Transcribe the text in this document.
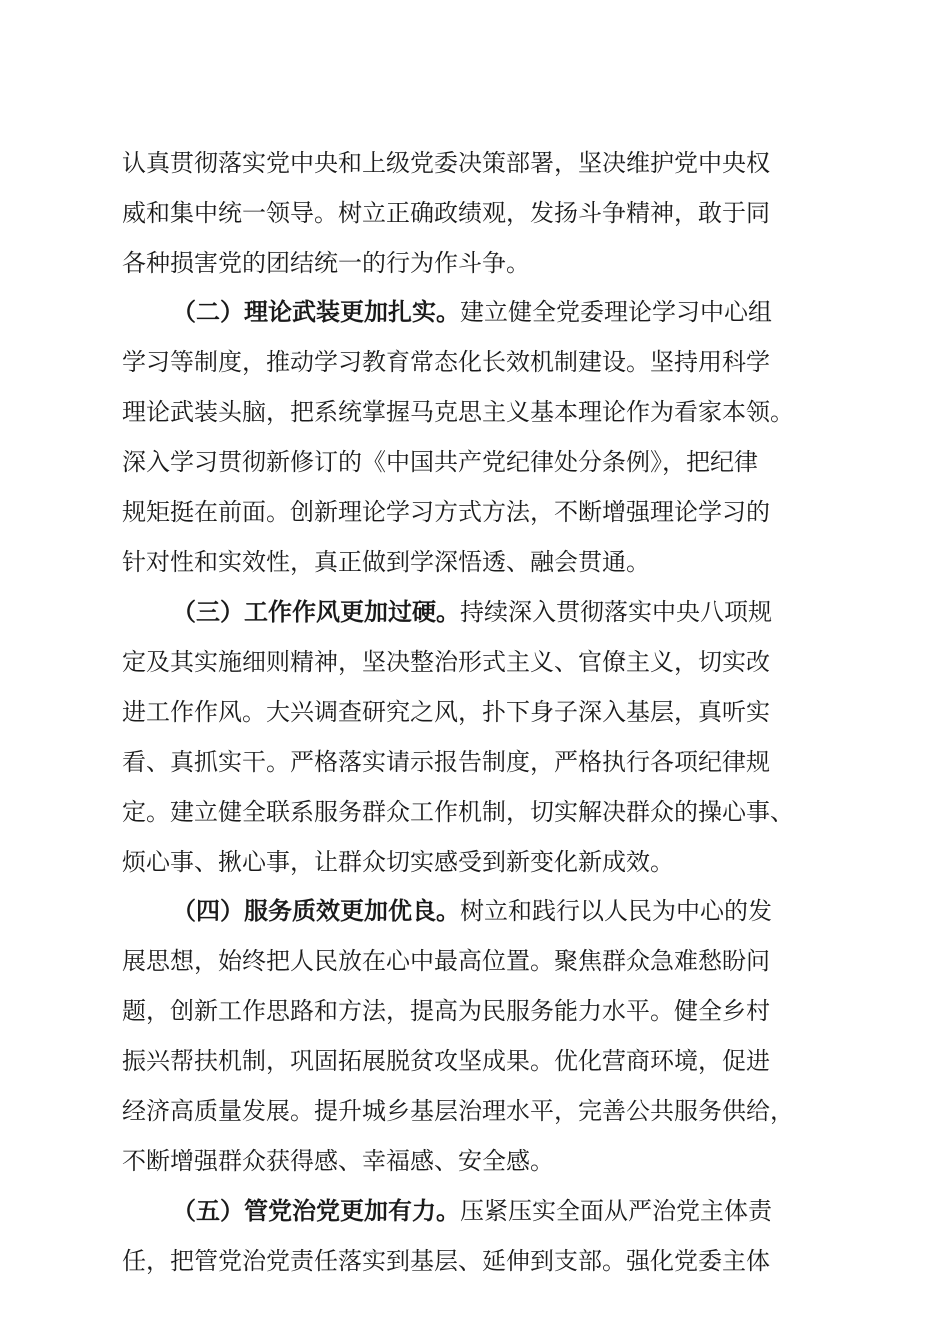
认真贯彻落实党中央和上级党委决策部署，坚决维护党中央权
威和集中统一领导。树立正确政绩观，发扬斗争精神，敢于同
各种损害党的团结统一的行为作斗争。
（二）理论武装更加扎实。建立健全党委理论学习中心组
学习等制度，推动学习教育常态化长效机制建设。坚持用科学
理论武装头脑，把系统掌握马克思主义基本理论作为看家本领。
深入学习贯彻新修订的《中国共产党纪律处分条例》，把纪律
规矩挺在前面。创新理论学习方式方法，不断增强理论学习的
针对性和实效性，真正做到学深悟透、融会贯通。
（三）工作作风更加过硬。持续深入贯彻落实中央八项规
定及其实施细则精神，坚决整治形式主义、官僚主义，切实改
进工作作风。大兴调查研究之风，扑下身子深入基层，真听实
看、真抓实干。严格落实请示报告制度，严格执行各项纪律规
定。建立健全联系服务群众工作机制，切实解决群众的操心事、
烦心事、揪心事，让群众切实感受到新变化新成效。
（四）服务质效更加优良。树立和践行以人民为中心的发
展思想，始终把人民放在心中最高位置。聚焦群众急难愁盼问
题，创新工作思路和方法，提高为民服务能力水平。健全乡村
振兴帮扶机制，巩固拓展脱贫攻坚成果。优化营商环境，促进
经济高质量发展。提升城乡基层治理水平，完善公共服务供给，
不断增强群众获得感、幸福感、安全感。
（五）管党治党更加有力。压紧压实全面从严治党主体责
任，把管党治党责任落实到基层、延伸到支部。强化党委主体
